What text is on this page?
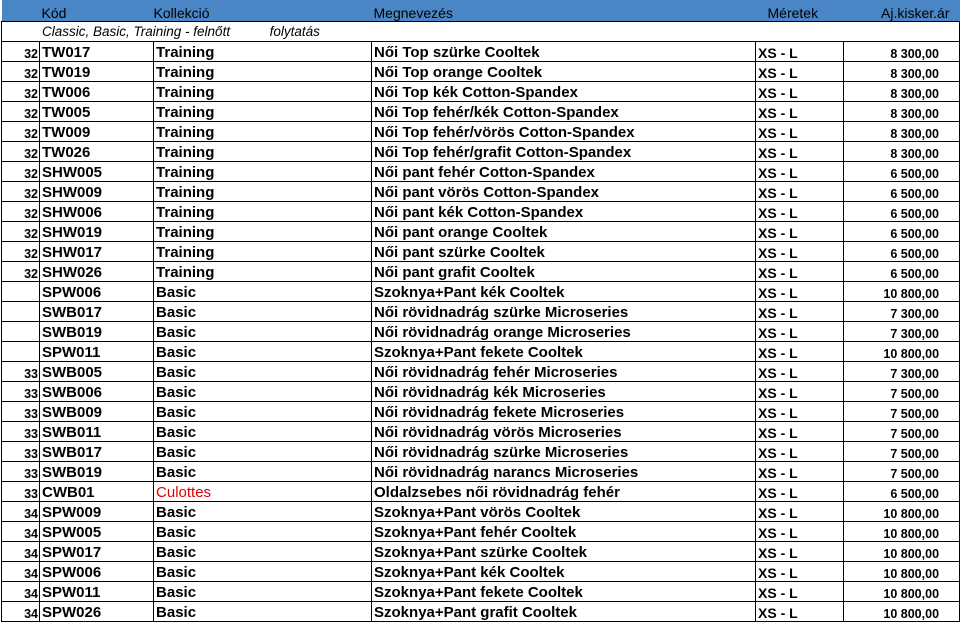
Kód		Kollekció	Megnevezés	Méretek	Aj.kisker.ár
Classic, Basic, Training - felnőtt folytatás					
32	TW017	Training	Női Top szürke Cooltek	XS - L	8 300,00
32	TW019	Training	Női Top orange Cooltek	XS - L	8 300,00
32	TW006	Training	Női Top kék Cotton-Spandex	XS - L	8 300,00
32	TW005	Training	Női Top fehér/kék Cotton-Spandex	XS - L	8 300,00
32	TW009	Training	Női Top fehér/vörös Cotton-Spandex	XS - L	8 300,00
32	TW026	Training	Női Top fehér/grafit Cotton-Spandex	XS - L	8 300,00
32	SHW005	Training	Női pant fehér Cotton-Spandex	XS - L	6 500,00
32	SHW009	Training	Női pant vörös Cotton-Spandex	XS - L	6 500,00
32	SHW006	Training	Női pant kék Cotton-Spandex	XS - L	6 500,00
32	SHW019	Training	Női pant orange Cooltek	XS - L	6 500,00
32	SHW017	Training	Női pant szürke Cooltek	XS - L	6 500,00
32	SHW026	Training	Női pant grafit Cooltek	XS - L	6 500,00
	SPW006	Basic	Szoknya+Pant kék Cooltek	XS - L	10 800,00
	SWB017	Basic	Női rövidnadrág szürke Microseries	XS - L	7 300,00
	SWB019	Basic	Női rövidnadrág orange Microseries	XS - L	7 300,00
	SPW011	Basic	Szoknya+Pant fekete Cooltek	XS - L	10 800,00
33	SWB005	Basic	Női rövidnadrág fehér Microseries	XS - L	7 300,00
33	SWB006	Basic	Női rövidnadrág kék Microseries	XS - L	7 500,00
33	SWB009	Basic	Női rövidnadrág fekete Microseries	XS - L	7 500,00
33	SWB011	Basic	Női rövidnadrág vörös Microseries	XS - L	7 500,00
33	SWB017	Basic	Női rövidnadrág szürke Microseries	XS - L	7 500,00
33	SWB019	Basic	Női rövidnadrág narancs Microseries	XS - L	7 500,00
33	CWB01	Culottes	Oldalzsebes női rövidnadrág fehér	XS - L	6 500,00
34	SPW009	Basic	Szoknya+Pant vörös Cooltek	XS - L	10 800,00
34	SPW005	Basic	Szoknya+Pant fehér Cooltek	XS - L	10 800,00
34	SPW017	Basic	Szoknya+Pant szürke Cooltek	XS - L	10 800,00
34	SPW006	Basic	Szoknya+Pant kék Cooltek	XS - L	10 800,00
34	SPW011	Basic	Szoknya+Pant fekete Cooltek	XS - L	10 800,00
34	SPW026	Basic	Szoknya+Pant grafit Cooltek	XS - L	10 800,00
